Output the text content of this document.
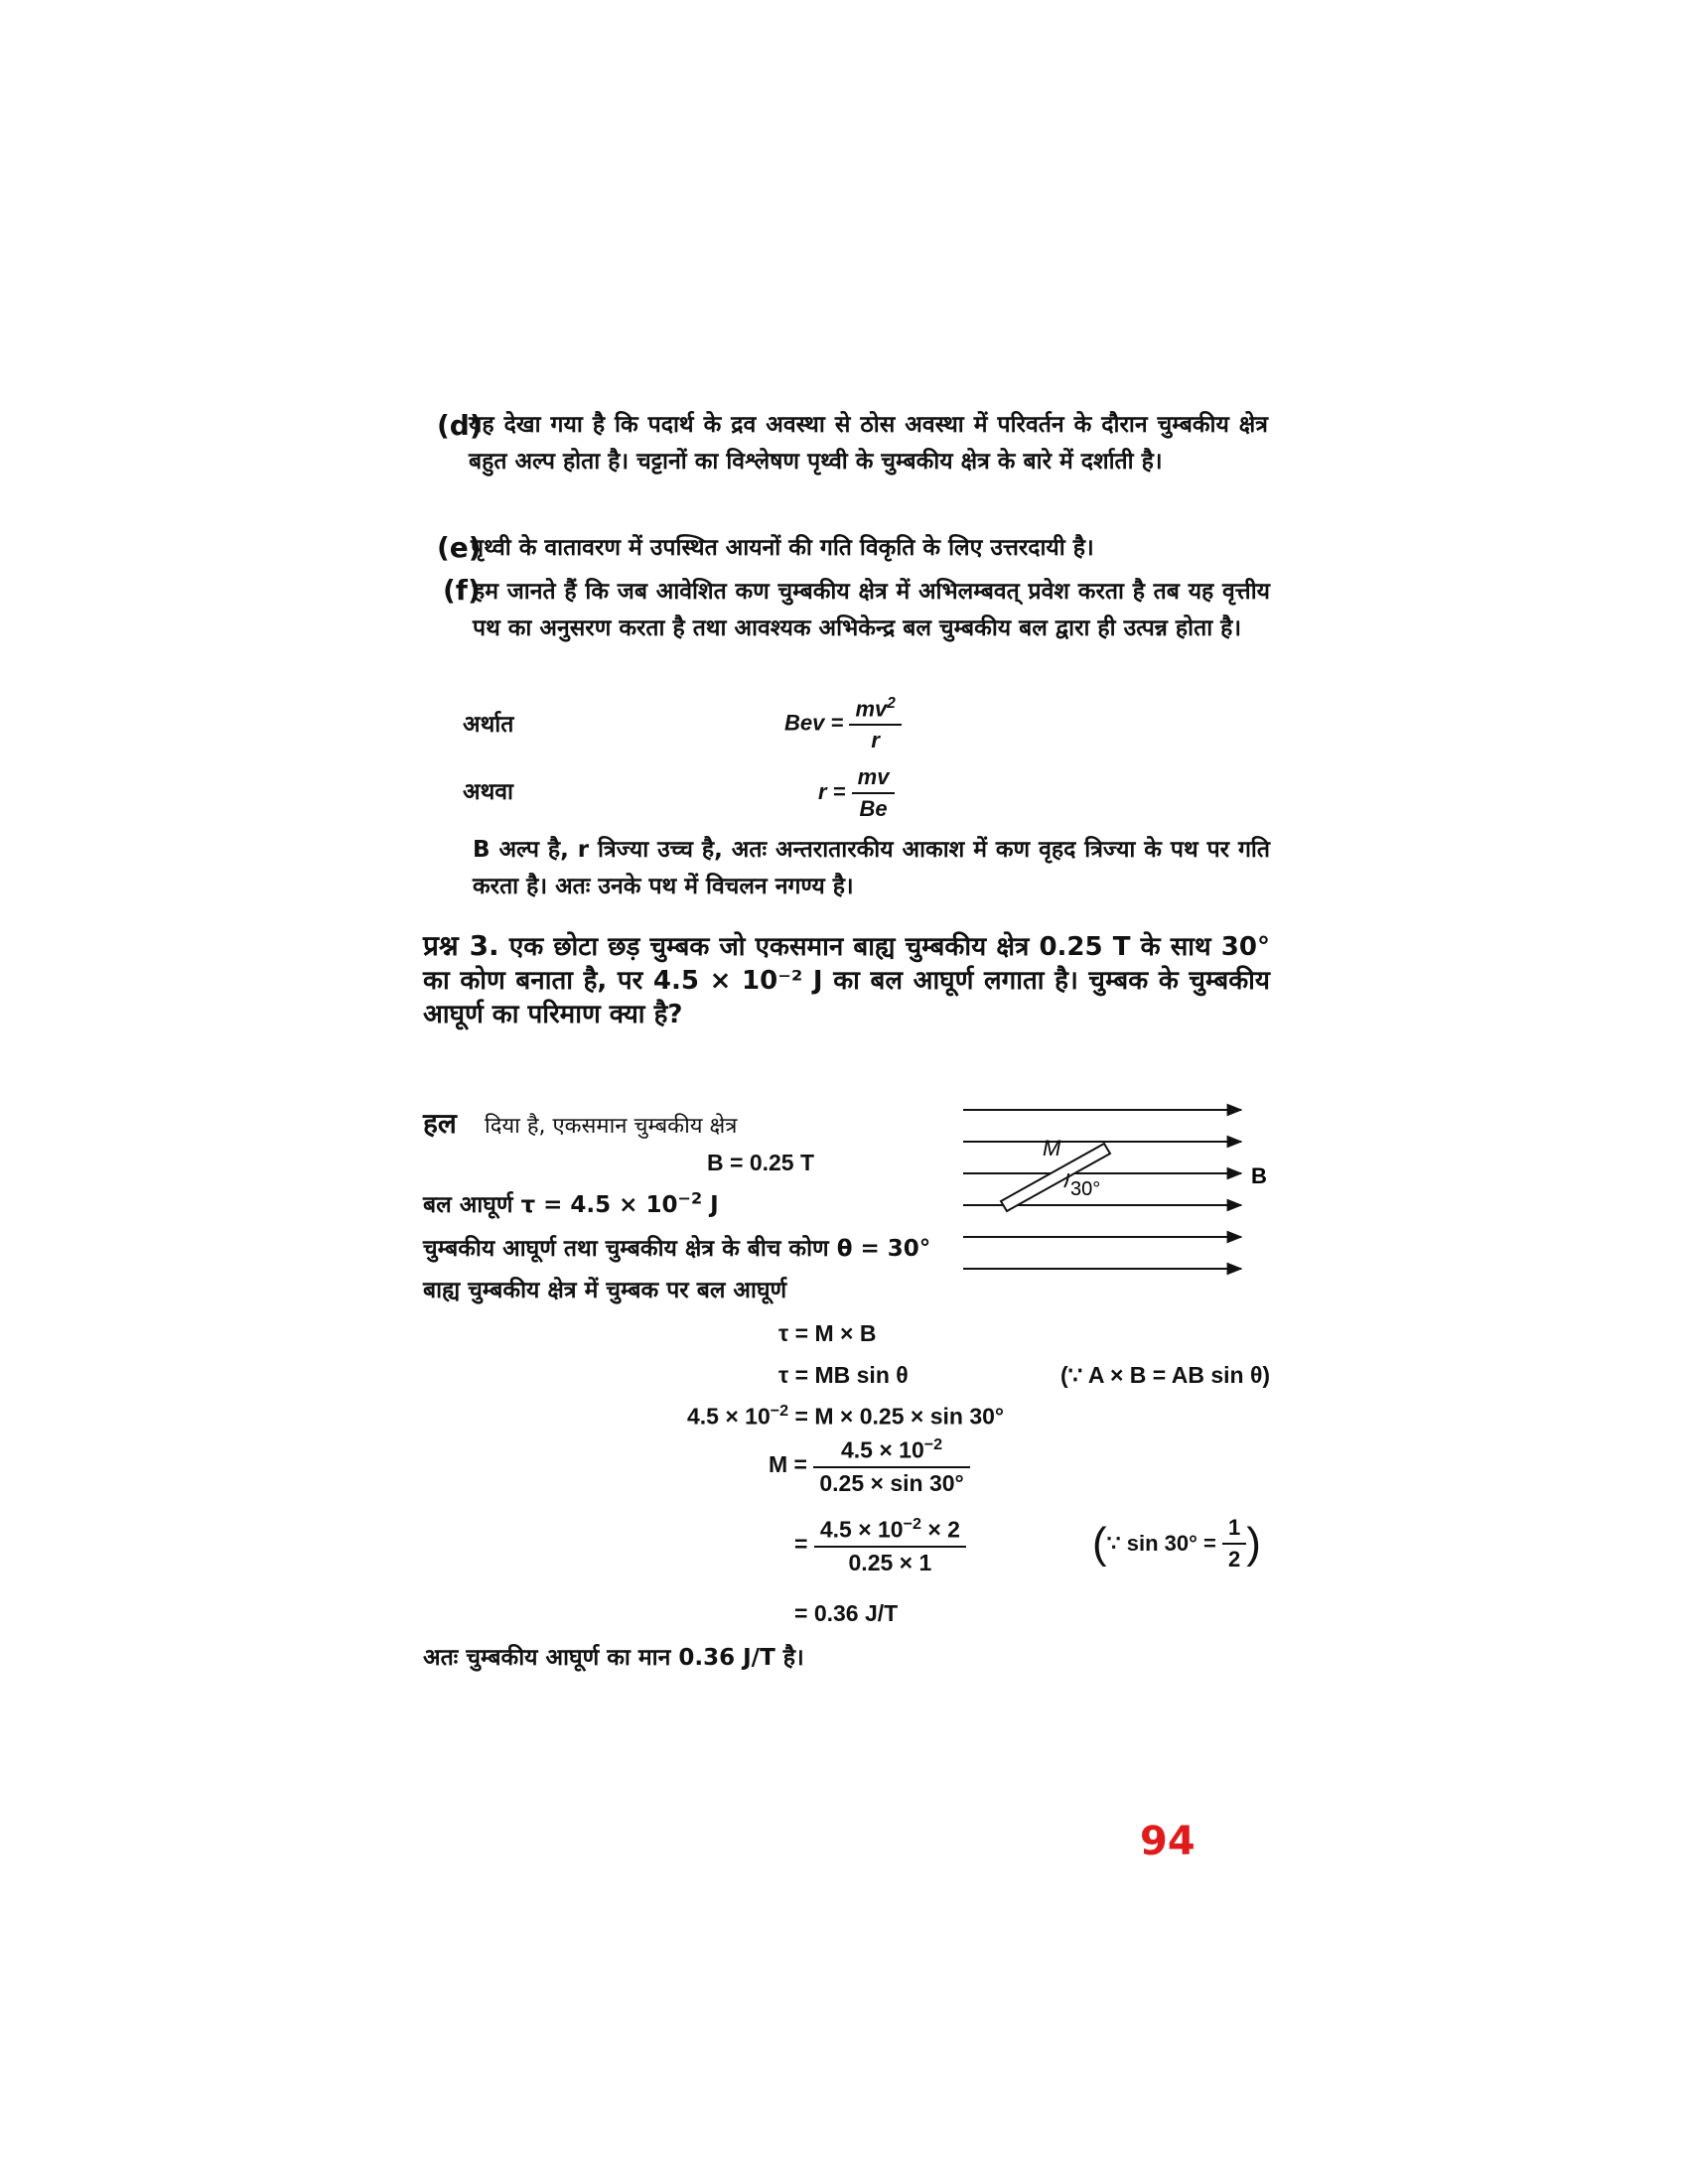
(d)
यह देखा गया है कि पदार्थ के द्रव अवस्था से ठोस अवस्था में परिवर्तन के दौरान चुम्बकीय क्षेत्र बहुत अल्प होता है। चट्टानों का विश्लेषण पृथ्वी के चुम्बकीय क्षेत्र के बारे में दर्शाती है।
(e)
पृथ्वी के वातावरण में उपस्थित आयनों की गति विकृति के लिए उत्तरदायी है।
(f)
हम जानते हैं कि जब आवेशित कण चुम्बकीय क्षेत्र में अभिलम्बवत् प्रवेश करता है तब यह वृत्तीय पथ का अनुसरण करता है तथा आवश्यक अभिकेन्द्र बल चुम्बकीय बल द्वारा ही उत्पन्न होता है।
अर्थात	Bev = $\frac{mv^2}{r}$
अथवा	$r = \frac{mv}{Be}$
B अल्प है, r त्रिज्या उच्च है, अतः अन्तरातारकीय आकाश में कण वृहद त्रिज्या के पथ पर गति करता है। अतः उनके पथ में विचलन नगण्य है।
प्रश्न 3. एक छोटा छड़ चुम्बक जो एकसमान बाह्य चुम्बकीय क्षेत्र 0.25 T के साथ 30° का कोण बनाता है, पर 4.5 × 10⁻² J का बल आघूर्ण लगाता है। चुम्बक के चुम्बकीय आघूर्ण का परिमाण क्या है?
हल दिया है, एकसमान चुम्बकीय क्षेत्र
B = 0.25 T
बल आघूर्ण $\tau = 4.5 \times 10^{-2}$ J
चुम्बकीय आघूर्ण तथा चुम्बकीय क्षेत्र के बीच कोण θ = 30°
बाह्य चुम्बकीय क्षेत्र में चुम्बक पर बल आघूर्ण
τ = M × B
τ = MB sin θ	(∵ A × B = AB sin θ)
$4.5 \times 10^{-2} = M \times 0.25 \times \sin 30^\circ$
$M = \frac{4.5 \times 10^{-2}}{0.25 \times \sin 30^\circ}$
= $\frac{4.5 \times 10^{-2} \times 2}{0.25 \times 1}$	(∵ $\sin 30^\circ = \frac{1}{2}$ )
= 0.36 J/T
अतः चुम्बकीय आघूर्ण का मान 0.36 J/T है।
M
30°
B
94
